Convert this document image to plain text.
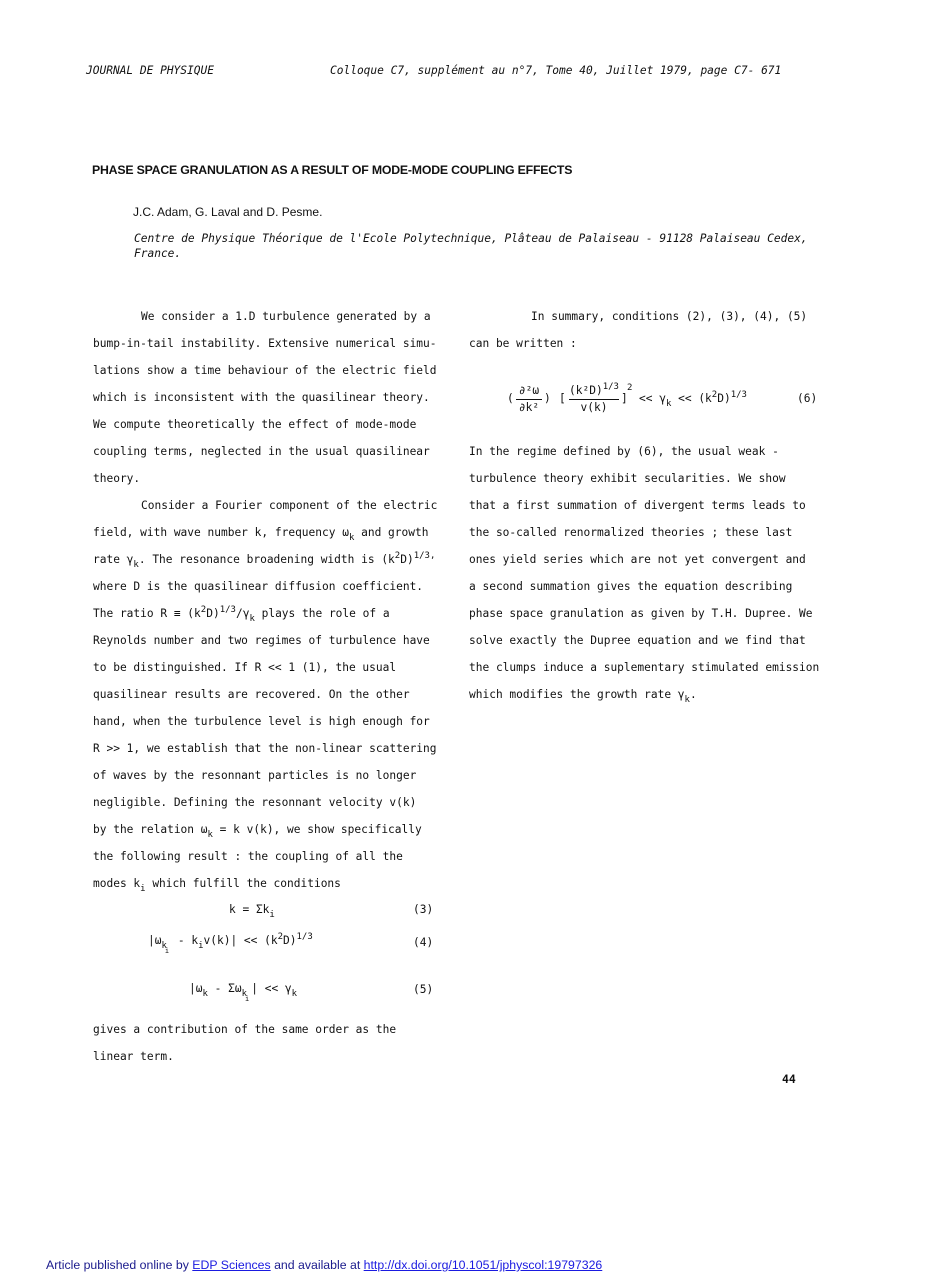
JOURNAL DE PHYSIQUE	Colloque C7, supplément au n°7, Tome 40, Juillet 1979, page C7- 671
PHASE SPACE GRANULATION AS A RESULT OF MODE-MODE COUPLING EFFECTS
J.C. Adam, G. Laval and D. Pesme.
Centre de Physique Théorique de l'Ecole Polytechnique, Plâteau de Palaiseau - 91128 Palaiseau Cedex,
France.
We consider a 1.D turbulence generated by a
bump-in-tail instability. Extensive numerical simu-
lations show a time behaviour of the electric field
which is inconsistent with the quasilinear theory.
We compute theoretically the effect of mode-mode
coupling terms, neglected in the usual quasilinear
theory.
Consider a Fourier component of the electric
field, with wave number k, frequency $\omega_k$ and growth
rate $\gamma_k$. The resonance broadening width is $(k^2D)^{1/3,}$
where D is the quasilinear diffusion coefficient.
The ratio $R \equiv (k^2D)^{1/3}/\gamma_k$ plays the role of a
Reynolds number and two regimes of turbulence have
to be distinguished. If R << 1 (1), the usual
quasilinear results are recovered. On the other
hand, when the turbulence level is high enough for
R >> 1, we establish that the non-linear scattering
of waves by the resonnant particles is no longer
negligible. Defining the resonnant velocity v(k)
by the relation $\omega_k = k$ v(k), we show specifically
the following result : the coupling of all the
modes $k_i$ which fulfill the conditions
$k = \Sigma k_i$	(3)
$|\omega_{ki} - k_iv(k)| << (k^2D)^{1/3}$	(4)
$|\omega_k - \Sigma\omega_{ki}| << \gamma_k$	(5)
gives a contribution of the same order as the
linear term.
In summary, conditions (2), (3), (4), (5)
can be written :
In the regime defined by (6), the usual weak -
turbulence theory exhibit secularities. We show
that a first summation of divergent terms leads to
the so-called renormalized theories ; these last
ones yield series which are not yet convergent and
a second summation gives the equation describing
phase space granulation as given by T.H. Dupree. We
solve exactly the Dupree equation and we find that
the clumps induce a suplementary stimulated emission
which modifies the growth rate $\gamma_k$.
(
∂²ω
∂k²
) [
$(k^2D)^{1/3}$
v(k)
]
2
<< $\gamma_k << (k^2D)^{1/3}$	(6)
44
Article published online by EDP Sciences and available at http://dx.doi.org/10.1051/jphyscol:19797326
